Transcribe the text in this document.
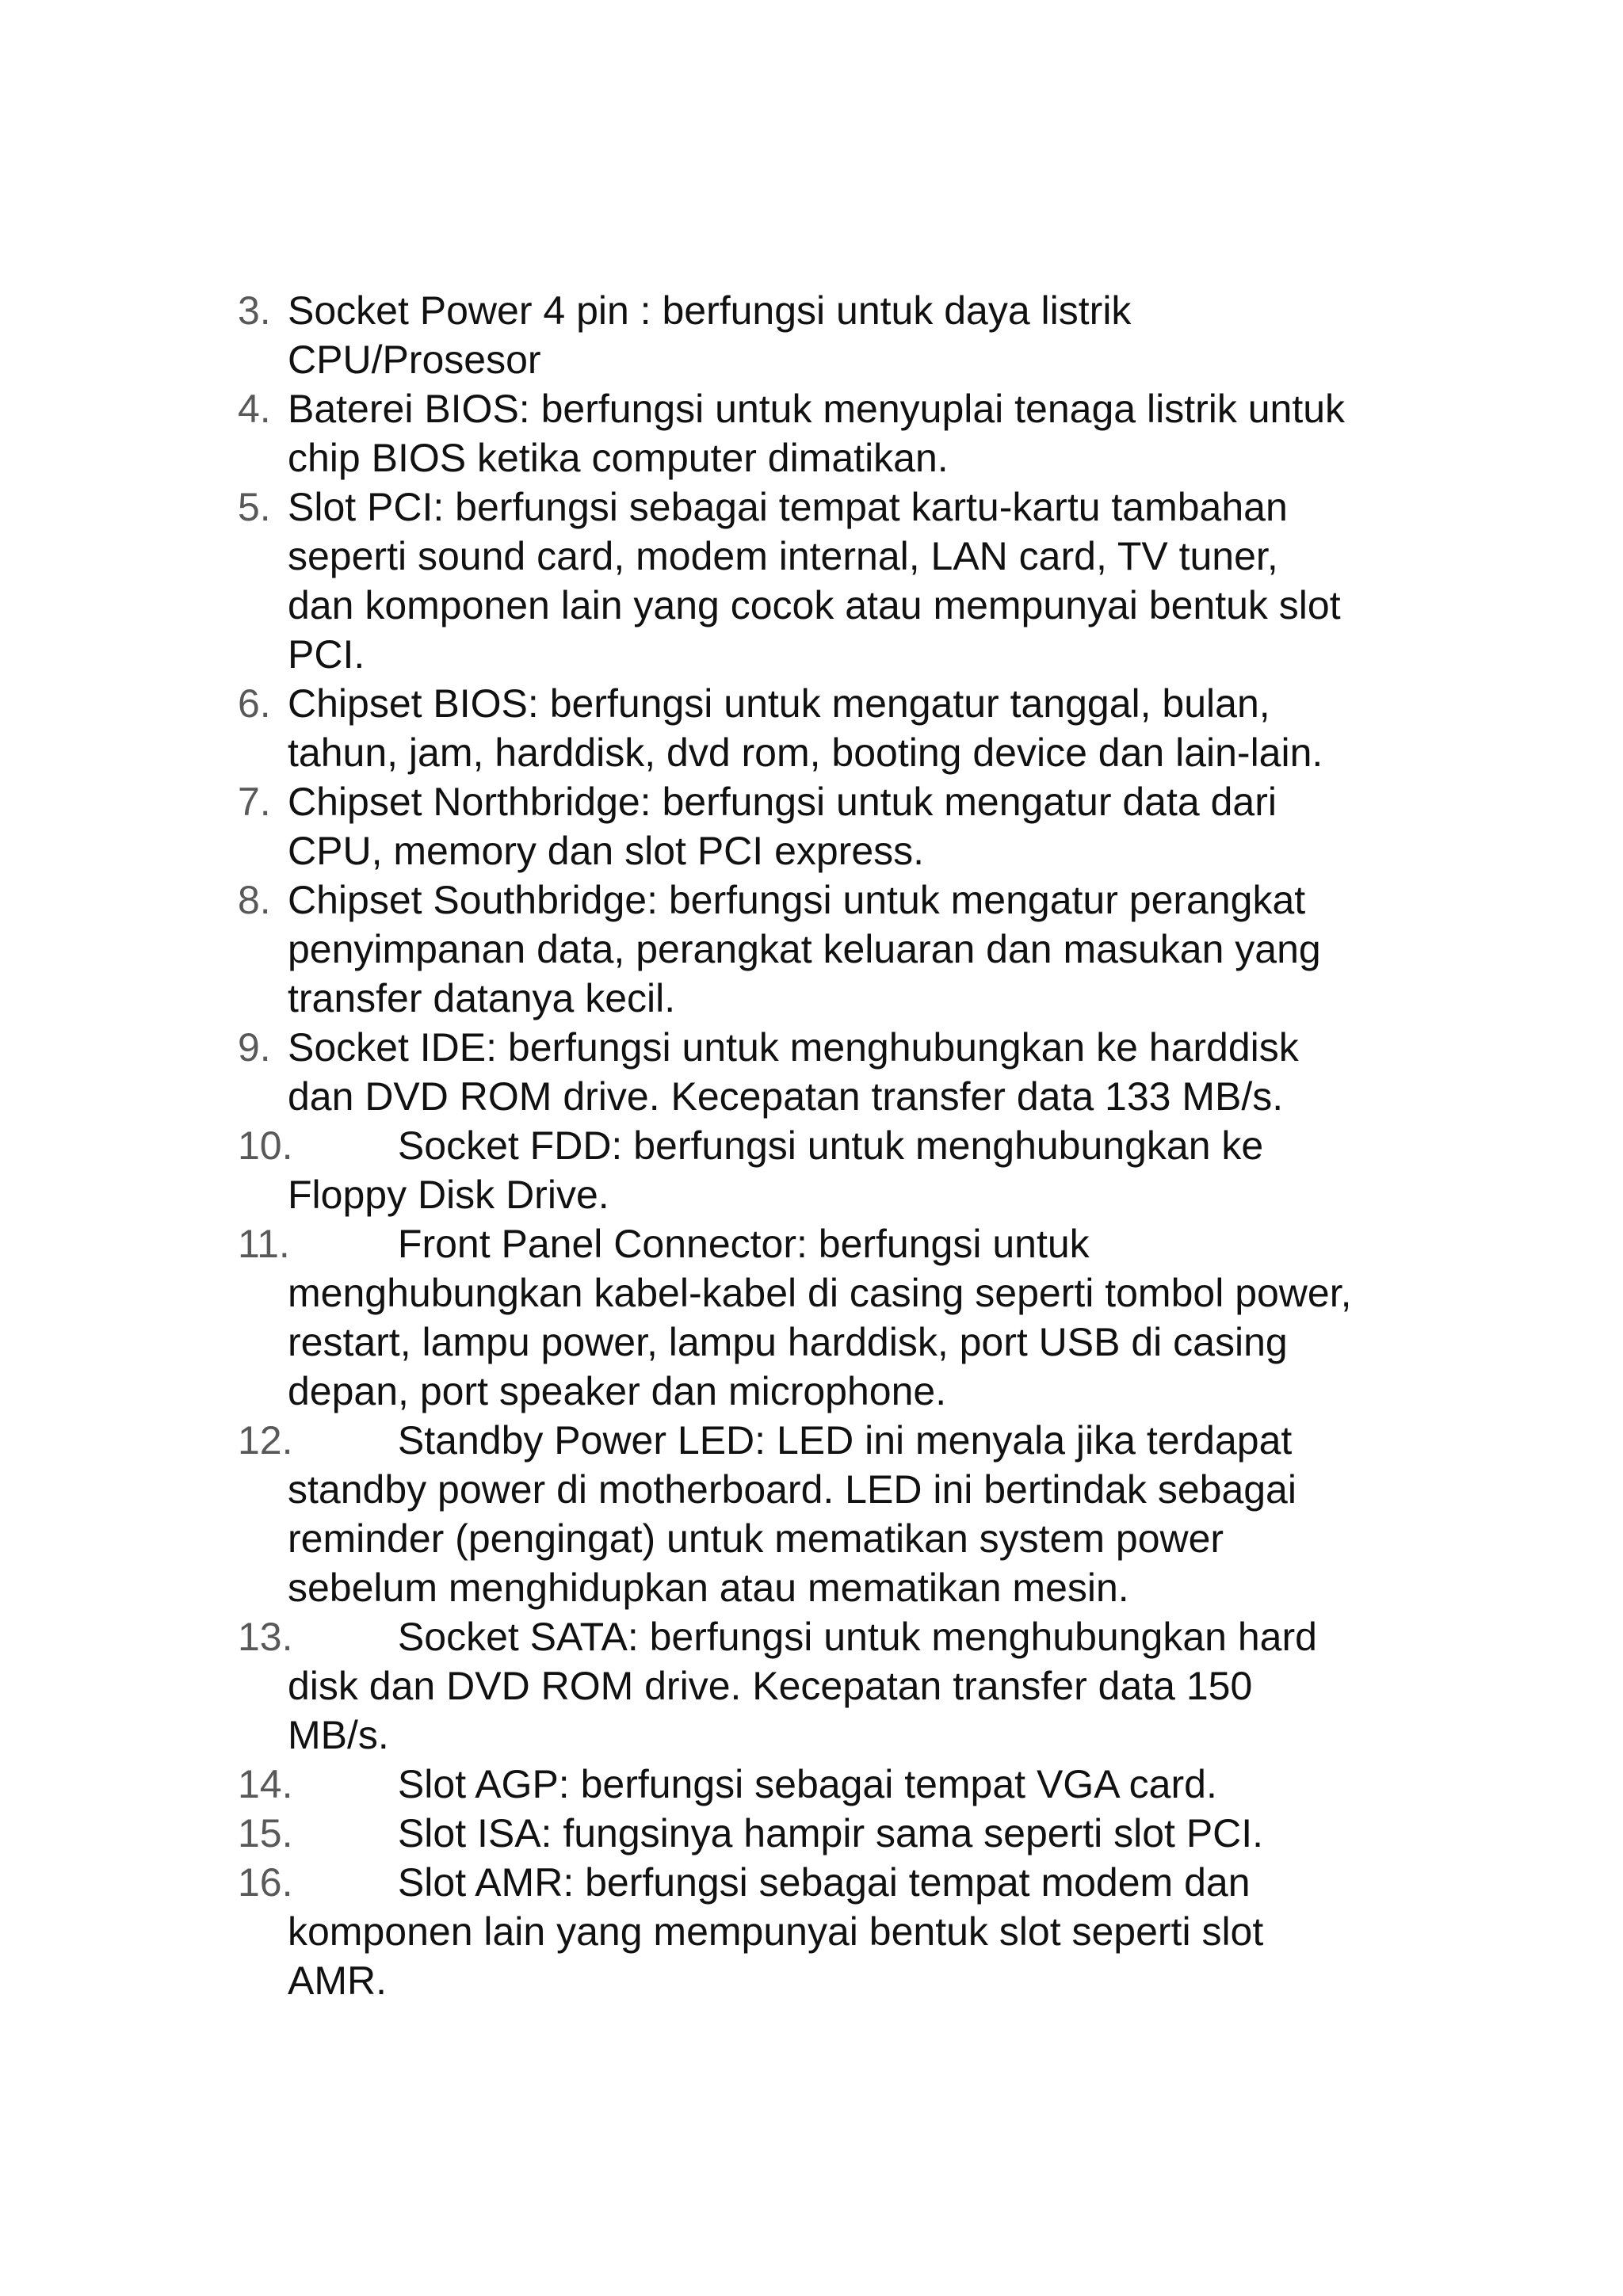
3. Socket Power 4 pin : berfungsi untuk daya listrik
CPU/Prosesor
4. Baterei BIOS: berfungsi untuk menyuplai tenaga listrik untuk
chip BIOS ketika computer dimatikan.
5. Slot PCI: berfungsi sebagai tempat kartu-kartu tambahan
seperti sound card, modem internal, LAN card, TV tuner,
dan komponen lain yang cocok atau mempunyai bentuk slot
PCI.
6. Chipset BIOS: berfungsi untuk mengatur tanggal, bulan,
tahun, jam, harddisk, dvd rom, booting device dan lain-lain.
7. Chipset Northbridge: berfungsi untuk mengatur data dari
CPU, memory dan slot PCI express.
8. Chipset Southbridge: berfungsi untuk mengatur perangkat
penyimpanan data, perangkat keluaran dan masukan yang
transfer datanya kecil.
9. Socket IDE: berfungsi untuk menghubungkan ke harddisk
dan DVD ROM drive. Kecepatan transfer data 133 MB/s.
10.
Socket FDD: berfungsi untuk menghubungkan ke
Floppy Disk Drive.
11.
Front Panel Connector: berfungsi untuk
menghubungkan kabel-kabel di casing seperti tombol power,
restart, lampu power, lampu harddisk, port USB di casing
depan, port speaker dan microphone.
12.
Standby Power LED: LED ini menyala jika terdapat
standby power di motherboard. LED ini bertindak sebagai
reminder (pengingat) untuk mematikan system power
sebelum menghidupkan atau mematikan mesin.
13.
Socket SATA: berfungsi untuk menghubungkan hard
disk dan DVD ROM drive. Kecepatan transfer data 150
MB/s.
14.
Slot AGP: berfungsi sebagai tempat VGA card.
15.
Slot ISA: fungsinya hampir sama seperti slot PCI.
16.
Slot AMR: berfungsi sebagai tempat modem dan
komponen lain yang mempunyai bentuk slot seperti slot
AMR.
